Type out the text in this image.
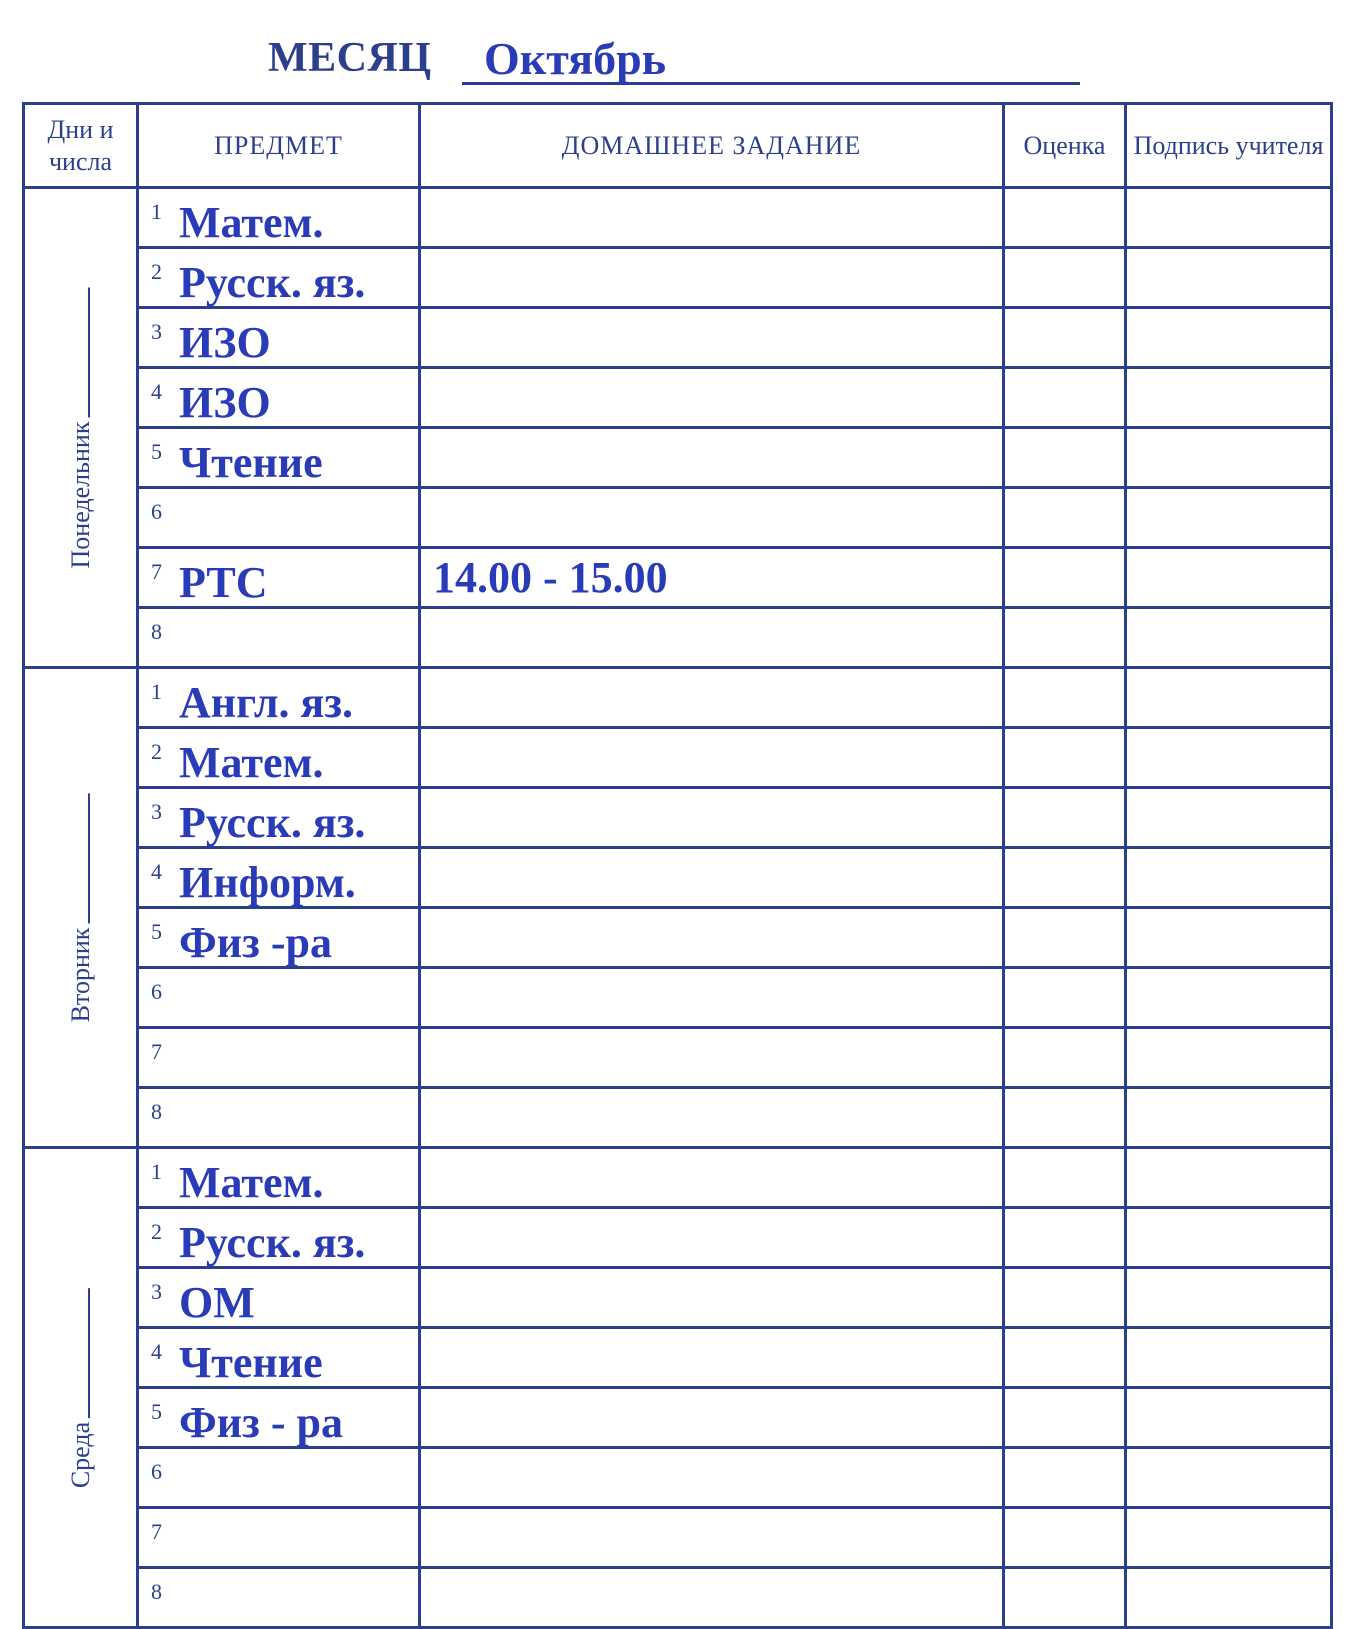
МЕСЯЦ Октябрь
Дни и числа	ПРЕДМЕТ	ДОМАШНЕЕ ЗАДАНИЕ	Оценка	Подпись учителя

Понедельник	1 Матем.			

	2 Русск. яз.			

	3 ИЗО			

	4 ИЗО			

	5 Чтение			

	6			

	7 РТС	14.00 - 15.00		

	8			

Вторник	1 Англ. яз.			

	2 Матем.			

	3 Русск. яз.			

	4 Информ.			

	5 Физ -ра			

	6			

	7			

	8			

Среда	1 Матем.			

	2 Русск. яз.			

	3 ОМ			

	4 Чтение			

	5 Физ - ра			

	6			

	7			

	8			
